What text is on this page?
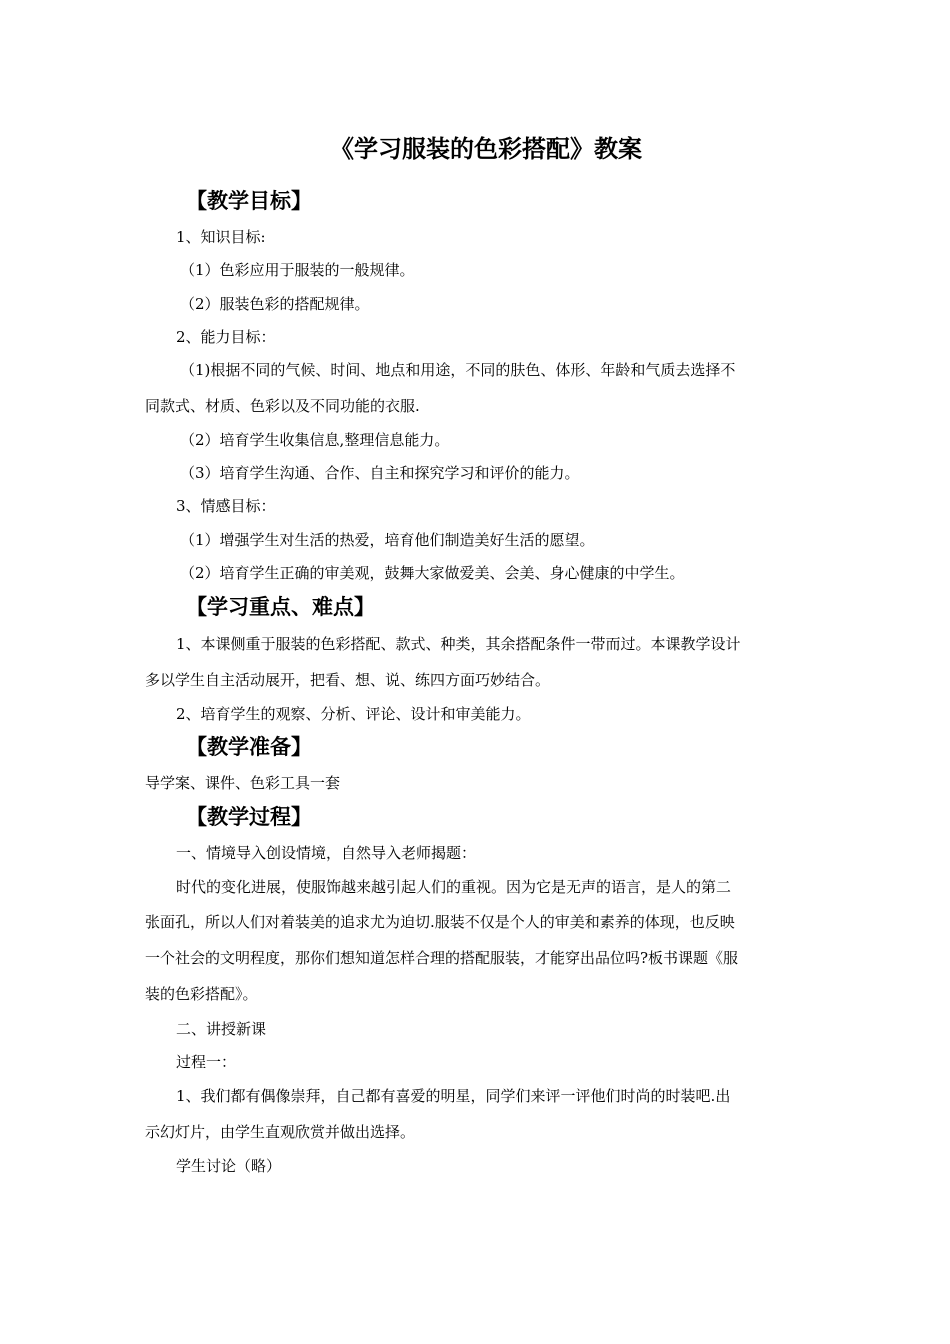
《学习服装的色彩搭配》教案
【教学目标】
1、知识目标:
（1）色彩应用于服装的一般规律。
（2）服装色彩的搭配规律。
2、能力目标：
（1)根据不同的气候、时间、地点和用途，不同的肤色、体形、年龄和气质去选择不
同款式、材质、色彩以及不同功能的衣服.
（2）培育学生收集信息,整理信息能力。
（3）培育学生沟通、合作、自主和探究学习和评价的能力。
3、情感目标：
（1）增强学生对生活的热爱，培育他们制造美好生活的愿望。
（2）培育学生正确的审美观，鼓舞大家做爱美、会美、身心健康的中学生。
【学习重点、难点】
1、本课侧重于服装的色彩搭配、款式、种类，其余搭配条件一带而过。本课教学设计
多以学生自主活动展开，把看、想、说、练四方面巧妙结合。
2、培育学生的观察、分析、评论、设计和审美能力。
【教学准备】
导学案、课件、色彩工具一套
【教学过程】
一、情境导入创设情境，自然导入老师揭题：
时代的变化进展，使服饰越来越引起人们的重视。因为它是无声的语言，是人的第二
张面孔，所以人们对着装美的追求尤为迫切.服装不仅是个人的审美和素养的体现，也反映
一个社会的文明程度，那你们想知道怎样合理的搭配服装，才能穿出品位吗?板书课题《服
装的色彩搭配》。
二、讲授新课
过程一：
1、我们都有偶像崇拜，自己都有喜爱的明星，同学们来评一评他们时尚的时装吧.出
示幻灯片，由学生直观欣赏并做出选择。
学生讨论（略）
